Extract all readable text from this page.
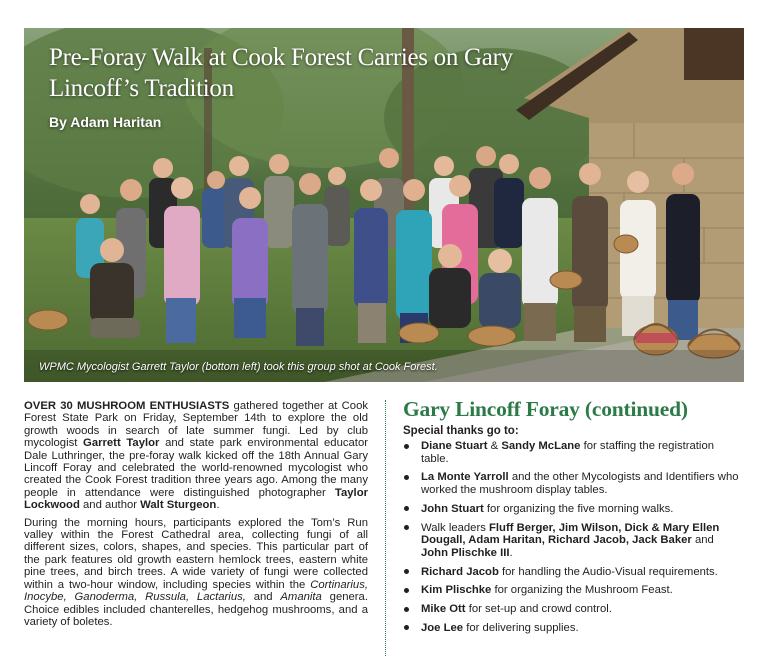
Pre-Foray Walk at Cook Forest Carries on Gary Lincoff’s Tradition
By Adam Haritan
WPMC Mycologist Garrett Taylor (bottom left) took this group shot at Cook Forest.

OVER 30 MUSHROOM ENTHUSIASTS gathered together at Cook Forest State Park on Friday, September 14th to explore the old growth woods in search of late summer fungi. Led by club mycologist Garrett Taylor and state park environmental educator Dale Luthringer, the pre-foray walk kicked off the 18th Annual Gary Lincoff Foray and celebrated the world-renowned mycologist who created the Cook Forest tradition three years ago. Among the many people in attendance were distinguished photographer Taylor Lockwood and author Walt Sturgeon.

During the morning hours, participants explored the Tom’s Run valley within the Forest Cathedral area, collecting fungi of all different sizes, colors, shapes, and species. This particular part of the park features old growth eastern hemlock trees, eastern white pine trees, and birch trees. A wide variety of fungi were collected within a two-hour window, including species within the Cortinarius, Inocybe, Ganoderma, Russula, Lactarius, and Amanita genera. Choice edibles included chanterelles, hedgehog mushrooms, and a variety of boletes.

Gary Lincoff Foray (continued)
Special thanks go to:
Diane Stuart & Sandy McLane for staffing the registration table.
La Monte Yarroll and the other Mycologists and Identifiers who worked the mushroom display tables.
John Stuart for organizing the five morning walks.
Walk leaders Fluff Berger, Jim Wilson, Dick & Mary Ellen Dougall, Adam Haritan, Richard Jacob, Jack Baker and John Plischke III.
Richard Jacob for handling the Audio-Visual requirements.
Kim Plischke for organizing the Mushroom Feast.
Mike Ott for set-up and crowd control.
Joe Lee for delivering supplies.
